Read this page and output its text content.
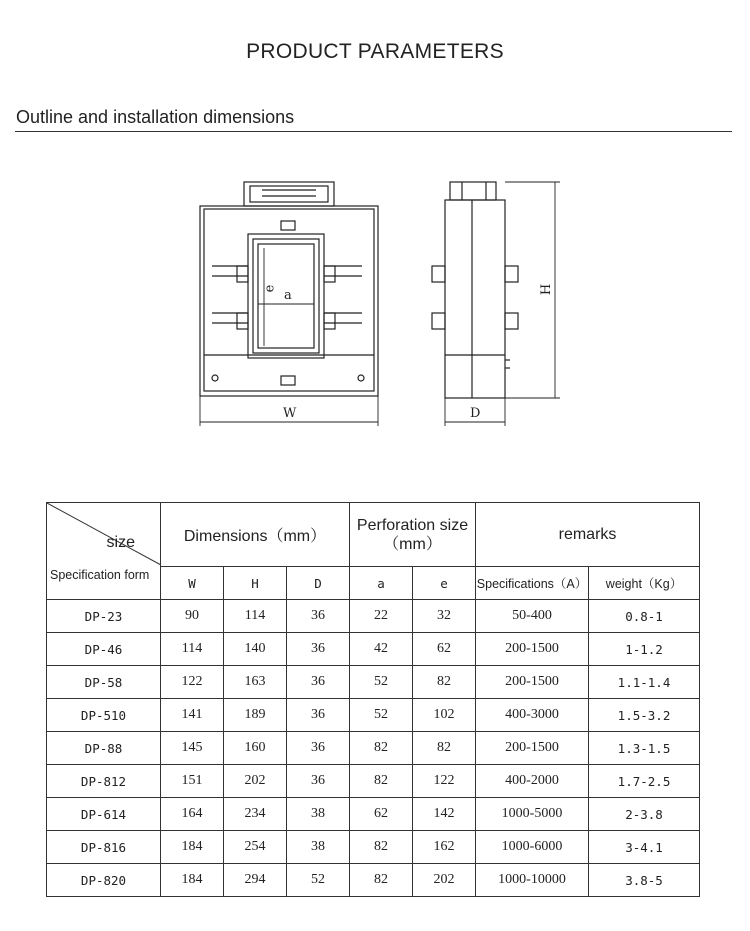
PRODUCT PARAMETERS
Outline and installation dimensions
W
H
D
e a
size
Specification form	Dimensions（mm）			Perforation size（mm）		remarks	
	W	H	D	a	e	Specifications（A）	weight（Kg）
DP-23	90	114	36	22	32	50-400	0.8-1
DP-46	114	140	36	42	62	200-1500	1-1.2
DP-58	122	163	36	52	82	200-1500	1.1-1.4
DP-510	141	189	36	52	102	400-3000	1.5-3.2
DP-88	145	160	36	82	82	200-1500	1.3-1.5
DP-812	151	202	36	82	122	400-2000	1.7-2.5
DP-614	164	234	38	62	142	1000-5000	2-3.8
DP-816	184	254	38	82	162	1000-6000	3-4.1
DP-820	184	294	52	82	202	1000-10000	3.8-5
